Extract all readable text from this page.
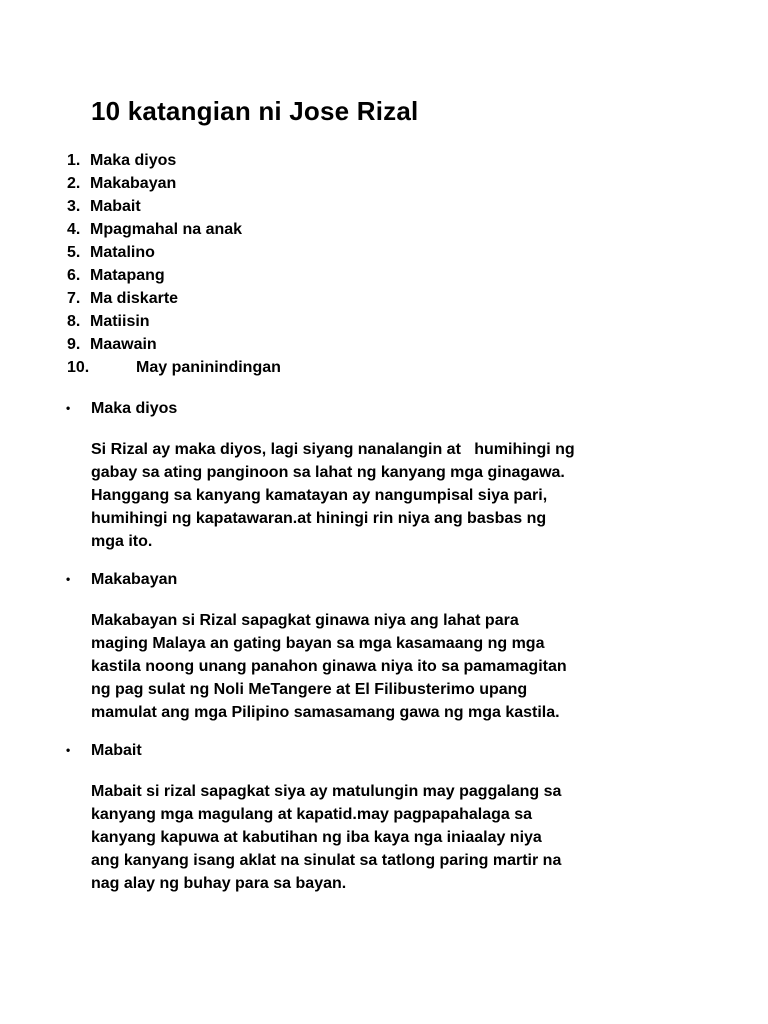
10 katangian ni Jose Rizal
1. Maka diyos
2. Makabayan
3. Mabait
4. Mpagmahal na anak
5. Matalino
6. Matapang
7. Ma diskarte
8. Matiisin
9. Maawain
10.	May paninindingan

• Maka diyos

Si Rizal ay maka diyos, lagi siyang nanalangin at   humihingi ng
gabay sa ating panginoon sa lahat ng kanyang mga ginagawa.
Hanggang sa kanyang kamatayan ay nangumpisal siya pari,
humihingi ng kapatawaran.at hiningi rin niya ang basbas ng
mga ito.

• Makabayan

Makabayan si Rizal sapagkat ginawa niya ang lahat para
maging Malaya an gating bayan sa mga kasamaang ng mga
kastila noong unang panahon ginawa niya ito sa pamamagitan
ng pag sulat ng Noli MeTangere at El Filibusterimo upang
mamulat ang mga Pilipino samasamang gawa ng mga kastila.

• Mabait

Mabait si rizal sapagkat siya ay matulungin may paggalang sa
kanyang mga magulang at kapatid.may pagpapahalaga sa
kanyang kapuwa at kabutihan ng iba kaya nga iniaalay niya
ang kanyang isang aklat na sinulat sa tatlong paring martir na
nag alay ng buhay para sa bayan.
